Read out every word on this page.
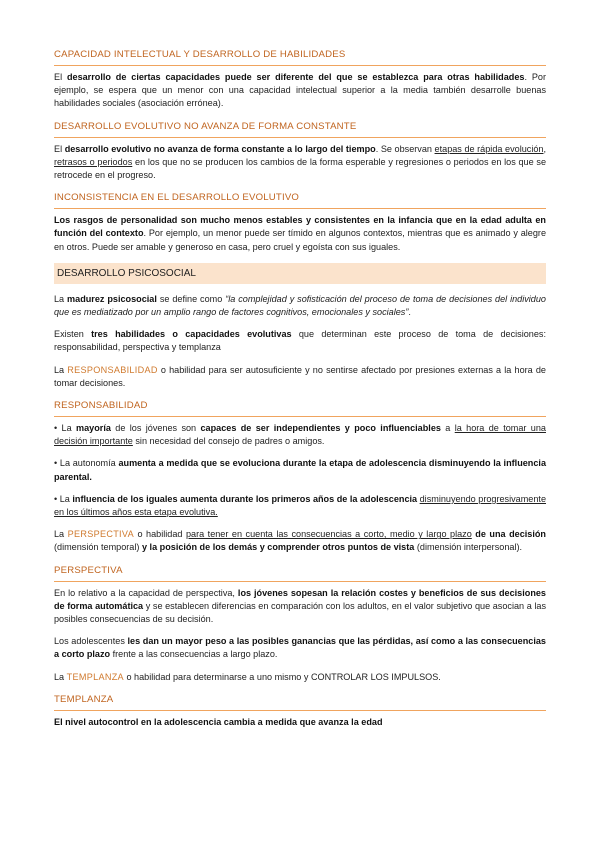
CAPACIDAD INTELECTUAL Y DESARROLLO DE HABILIDADES

El desarrollo de ciertas capacidades puede ser diferente del que se establezca para otras habilidades. Por ejemplo, se espera que un menor con una capacidad intelectual superior a la media también desarrolle buenas habilidades sociales (asociación errónea).

DESARROLLO EVOLUTIVO NO AVANZA DE FORMA CONSTANTE

El desarrollo evolutivo no avanza de forma constante a lo largo del tiempo. Se observan etapas de rápida evolución, retrasos o periodos en los que no se producen los cambios de la forma esperable y regresiones o periodos en los que se retrocede en el progreso.

INCONSISTENCIA EN EL DESARROLLO EVOLUTIVO

Los rasgos de personalidad son mucho menos estables y consistentes en la infancia que en la edad adulta en función del contexto. Por ejemplo, un menor puede ser tímido en algunos contextos, mientras que es animado y alegre en otros. Puede ser amable y generoso en casa, pero cruel y egoísta con sus iguales.

DESARROLLO PSICOSOCIAL

La madurez psicosocial se define como “la complejidad y sofisticación del proceso de toma de decisiones del individuo que es mediatizado por un amplio rango de factores cognitivos, emocionales y sociales”.

Existen tres habilidades o capacidades evolutivas que determinan este proceso de toma de decisiones: responsabilidad, perspectiva y templanza

La RESPONSABILIDAD o habilidad para ser autosuficiente y no sentirse afectado por presiones externas a la hora de tomar decisiones.

RESPONSABILIDAD

• La mayoría de los jóvenes son capaces de ser independientes y poco influenciables a la hora de tomar una decisión importante sin necesidad del consejo de padres o amigos.

• La autonomía aumenta a medida que se evoluciona durante la etapa de adolescencia disminuyendo la influencia parental.

• La influencia de los iguales aumenta durante los primeros años de la adolescencia disminuyendo progresivamente en los últimos años esta etapa evolutiva.

La PERSPECTIVA o habilidad para tener en cuenta las consecuencias a corto, medio y largo plazo de una decisión (dimensión temporal) y la posición de los demás y comprender otros puntos de vista (dimensión interpersonal).

PERSPECTIVA

En lo relativo a la capacidad de perspectiva, los jóvenes sopesan la relación costes y beneficios de sus decisiones de forma automática y se establecen diferencias en comparación con los adultos, en el valor subjetivo que asocian a las posibles consecuencias de su decisión.

Los adolescentes les dan un mayor peso a las posibles ganancias que las pérdidas, así como a las consecuencias a corto plazo frente a las consecuencias a largo plazo.

La TEMPLANZA o habilidad para determinarse a uno mismo y CONTROLAR LOS IMPULSOS.

TEMPLANZA

El nivel autocontrol en la adolescencia cambia a medida que avanza la edad
